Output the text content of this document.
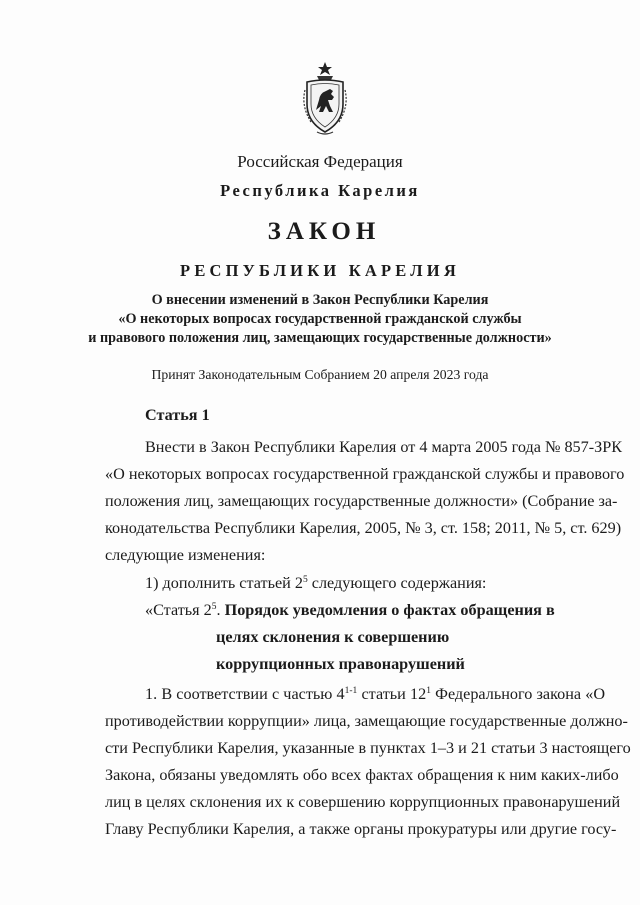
Российская Федерация
Республика Карелия
ЗАКОН
РЕСПУБЛИКИ КАРЕЛИЯ
О внесении изменений в Закон Республики Карелия
«О некоторых вопросах государственной гражданской службы
и правового положения лиц, замещающих государственные должности»
Принят Законодательным Собранием 20 апреля 2023 года
Статья 1
Внести в Закон Республики Карелия от 4 марта 2005 года № 857-ЗРК
«О некоторых вопросах государственной гражданской службы и правового
положения лиц, замещающих государственные должности» (Собрание за-
конодательства Республики Карелия, 2005, № 3, ст. 158; 2011, № 5, ст. 629)
следующие изменения:
1) дополнить статьей $2^5$ следующего содержания:
«Статья $2^5$. Порядок уведомления о фактах обращения в
целях склонения к совершению
коррупционных правонарушений
1. В соответствии с частью 4$^{1-1}$ статьи $12^1$ Федерального закона «О
противодействии коррупции» лица, замещающие государственные должно-
сти Республики Карелия, указанные в пунктах 1–3 и 21 статьи 3 настоящего
Закона, обязаны уведомлять обо всех фактах обращения к ним каких-либо
лиц в целях склонения их к совершению коррупционных правонарушений
Главу Республики Карелия, а также органы прокуратуры или другие госу-
